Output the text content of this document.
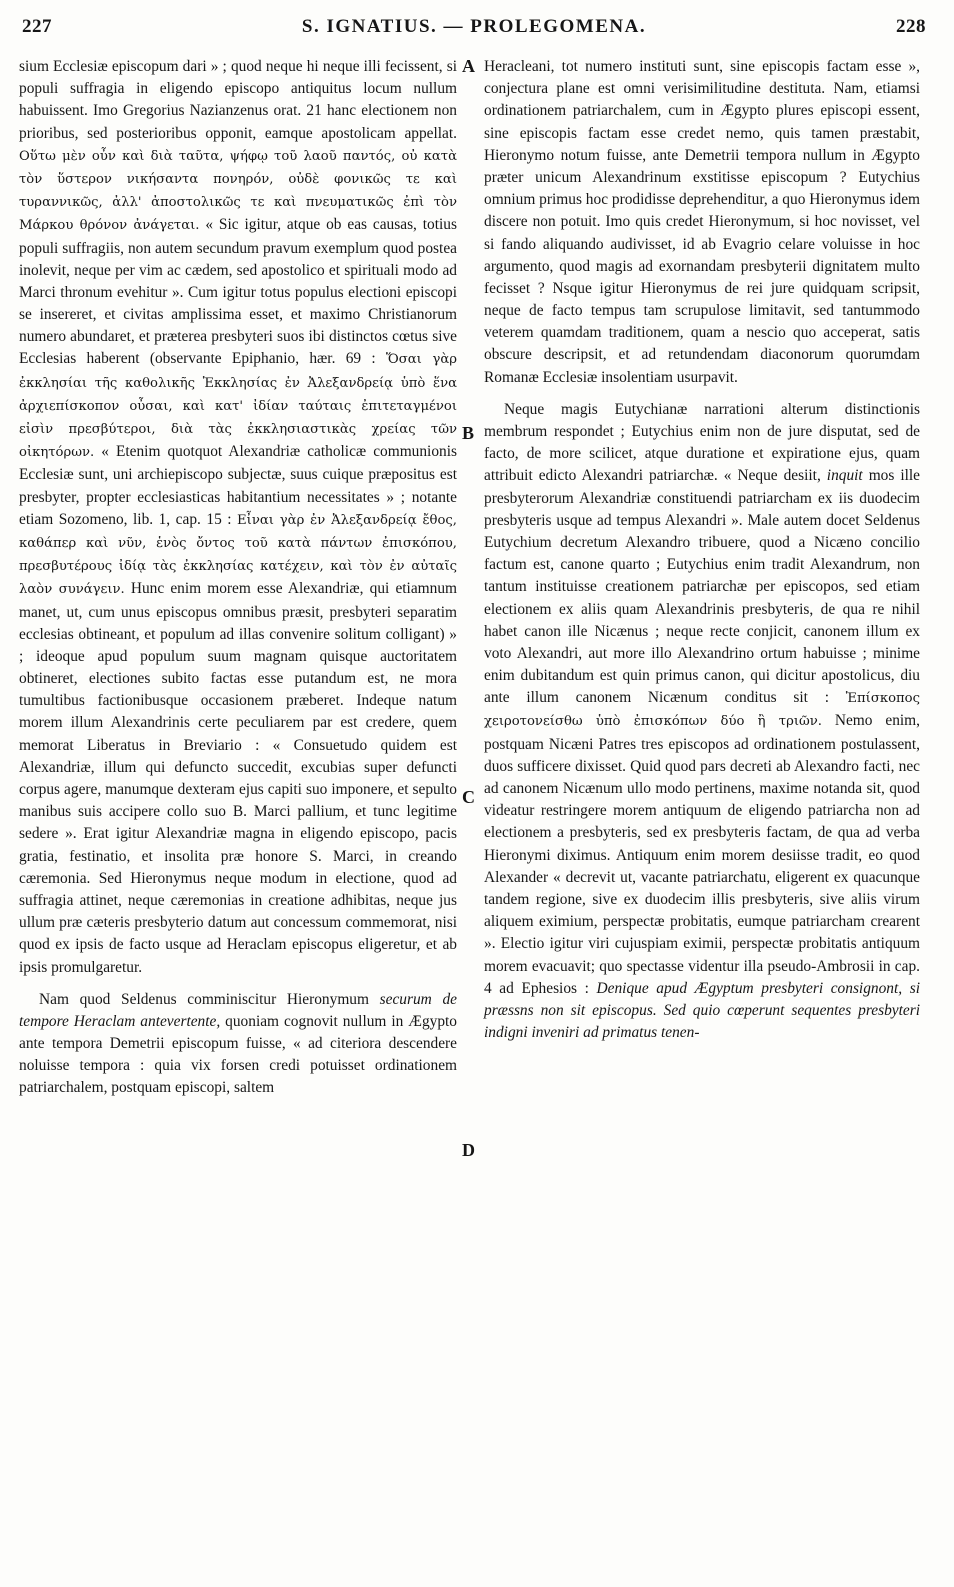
227	S. IGNATIUS. — PROLEGOMENA.	228

sium Ecclesiæ episcopum dari » ; quod neque hi neque illi fecissent, si populi suffragia in eligendo episcopo antiquitus locum nullum habuissent. Imo Gregorius Nazianzenus orat. 21 hanc electionem non prioribus, sed posterioribus opponit, eamque apostolicam appellat. Οὕτω μὲν οὖν καὶ διὰ ταῦτα, ψήφῳ τοῦ λαοῦ παντός, οὐ κατὰ τὸν ὕστερον νικήσαντα πονηρόν, οὐδὲ φονικῶς τε καὶ τυραννικῶς, ἀλλ' ἀποστολικῶς τε καὶ πνευματικῶς ἐπὶ τὸν Μάρκου θρόνον ἀνάγεται. « Sic igitur, atque ob eas causas, totius populi suffragiis, non autem secundum pravum exemplum quod postea inolevit, neque per vim ac cædem, sed apostolico et spirituali modo ad Marci thronum evehitur ». Cum igitur totus populus electioni episcopi se insereret, et civitas amplissima esset, et maximo Christianorum numero abundaret, et præterea presbyteri suos ibi distinctos cœtus sive Ecclesias haberent (observante Epiphanio, hær. 69 : Ὅσαι γὰρ ἐκκλησίαι τῆς καθολικῆς Ἐκκλησίας ἐν Ἀλεξανδρείᾳ ὑπὸ ἕνα ἀρχιεπίσκοπον οὖσαι, καὶ κατ' ἰδίαν ταύταις ἐπιτεταγμένοι εἰσὶν πρεσβύτεροι, διὰ τὰς ἐκκλησιαστικὰς χρείας τῶν οἰκητόρων. « Etenim quotquot Alexandriæ catholicæ communionis Ecclesiæ sunt, uni archiepiscopo subjectæ, suus cuique præpositus est presbyter, propter ecclesiasticas habitantium necessitates » ; notante etiam Sozomeno, lib. 1, cap. 15 : Εἶναι γὰρ ἐν Ἀλεξανδρείᾳ ἔθος, καθάπερ καὶ νῦν, ἑνὸς ὄντος τοῦ κατὰ πάντων ἐπισκόπου, πρεσβυτέρους ἰδίᾳ τὰς ἐκκλησίας κατέχειν, καὶ τὸν ἐν αὐταῖς λαὸν συνάγειν. Hunc enim morem esse Alexandriæ, qui etiamnum manet, ut, cum unus episcopus omnibus præsit, presbyteri separatim ecclesias obtineant, et populum ad illas convenire solitum colligant) » ; ideoque apud populum suum magnam quisque auctoritatem obtineret, electiones subito factas esse putandum est, ne mora tumultibus factionibusque occasionem præberet. Indeque natum morem illum Alexandrinis certe peculiarem par est credere, quem memorat Liberatus in Breviario : « Consuetudo quidem est Alexandriæ, illum qui defuncto succedit, excubias super defuncti corpus agere, manumque dexteram ejus capiti suo imponere, et sepulto manibus suis accipere collo suo B. Marci pallium, et tunc legitime sedere ». Erat igitur Alexandriæ magna in eligendo episcopo, pacis gratia, festinatio, et insolita præ honore S. Marci, in creando cæremonia. Sed Hieronymus neque modum in electione, quod ad suffragia attinet, neque cæremonias in creatione adhibitas, neque jus ullum præ cæteris presbyterio datum aut concessum commemorat, nisi quod ex ipsis de facto usque ad Heraclam episcopus eligeretur, et ab ipsis promulgaretur.

Nam quod Seldenus comminiscitur Hieronymum securum de tempore Heraclam antevertente, quoniam cognovit nullum in Ægypto ante tempora Demetrii episcopum fuisse, « ad citeriora descendere noluisse tempora : quia vix forsen credi potuisset ordinationem patriarchalem, postquam episcopi, saltem

A
B
C
D

Heracleani, tot numero instituti sunt, sine episcopis factam esse », conjectura plane est omni verisimilitudine destituta. Nam, etiamsi ordinationem patriarchalem, cum in Ægypto plures episcopi essent, sine episcopis factam esse credet nemo, quis tamen præstabit, Hieronymo notum fuisse, ante Demetrii tempora nullum in Ægypto præter unicum Alexandrinum exstitisse episcopum ? Eutychius omnium primus hoc prodidisse deprehenditur, a quo Hieronymus idem discere non potuit. Imo quis credet Hieronymum, si hoc novisset, vel si fando aliquando audivisset, id ab Evagrio celare voluisse in hoc argumento, quod magis ad exornandam presbyterii dignitatem multo fecisset ? Nsque igitur Hieronymus de rei jure quidquam scripsit, neque de facto tempus tam scrupulose limitavit, sed tantummodo veterem quamdam traditionem, quam a nescio quo acceperat, satis obscure descripsit, et ad retundendam diaconorum quorumdam Romanæ Ecclesiæ insolentiam usurpavit.

Neque magis Eutychianæ narrationi alterum distinctionis membrum respondet ; Eutychius enim non de jure disputat, sed de facto, de more scilicet, atque duratione et expiratione ejus, quam attribuit edicto Alexandri patriarchæ. « Neque desiit, inquit mos ille presbyterorum Alexandriæ constituendi patriarcham ex iis duodecim presbyteris usque ad tempus Alexandri ». Male autem docet Seldenus Eutychium decretum Alexandro tribuere, quod a Nicæno concilio factum est, canone quarto ; Eutychius enim tradit Alexandrum, non tantum instituisse creationem patriarchæ per episcopos, sed etiam electionem ex aliis quam Alexandrinis presbyteris, de qua re nihil habet canon ille Nicænus ; neque recte conjicit, canonem illum ex voto Alexandri, aut more illo Alexandrino ortum habuisse ; minime enim dubitandum est quin primus canon, qui dicitur apostolicus, diu ante illum canonem Nicænum conditus sit : Ἐπίσκοπος χειροτονείσθω ὑπὸ ἐπισκόπων δύο ἢ τριῶν. Nemo enim, postquam Nicæni Patres tres episcopos ad ordinationem postulassent, duos sufficere dixisset. Quid quod pars decreti ab Alexandro facti, nec ad canonem Nicænum ullo modo pertinens, maxime notanda sit, quod videatur restringere morem antiquum de eligendo patriarcha non ad electionem a presbyteris, sed ex presbyteris factam, de qua ad verba Hieronymi diximus. Antiquum enim morem desiisse tradit, eo quod Alexander « decrevit ut, vacante patriarchatu, eligerent ex quacunque tandem regione, sive ex duodecim illis presbyteris, sive aliis virum aliquem eximium, perspectæ probitatis, eumque patriarcham crearent ». Electio igitur viri cujuspiam eximii, perspectæ probitatis antiquum morem evacuavit; quo spectasse videntur illa pseudo-Ambrosii in cap. 4 ad Ephesios : Denique apud Ægyptum presbyteri consignont, si præssns non sit episcopus. Sed quio cœperunt sequentes presbyteri indigni inveniri ad primatus tenen-
